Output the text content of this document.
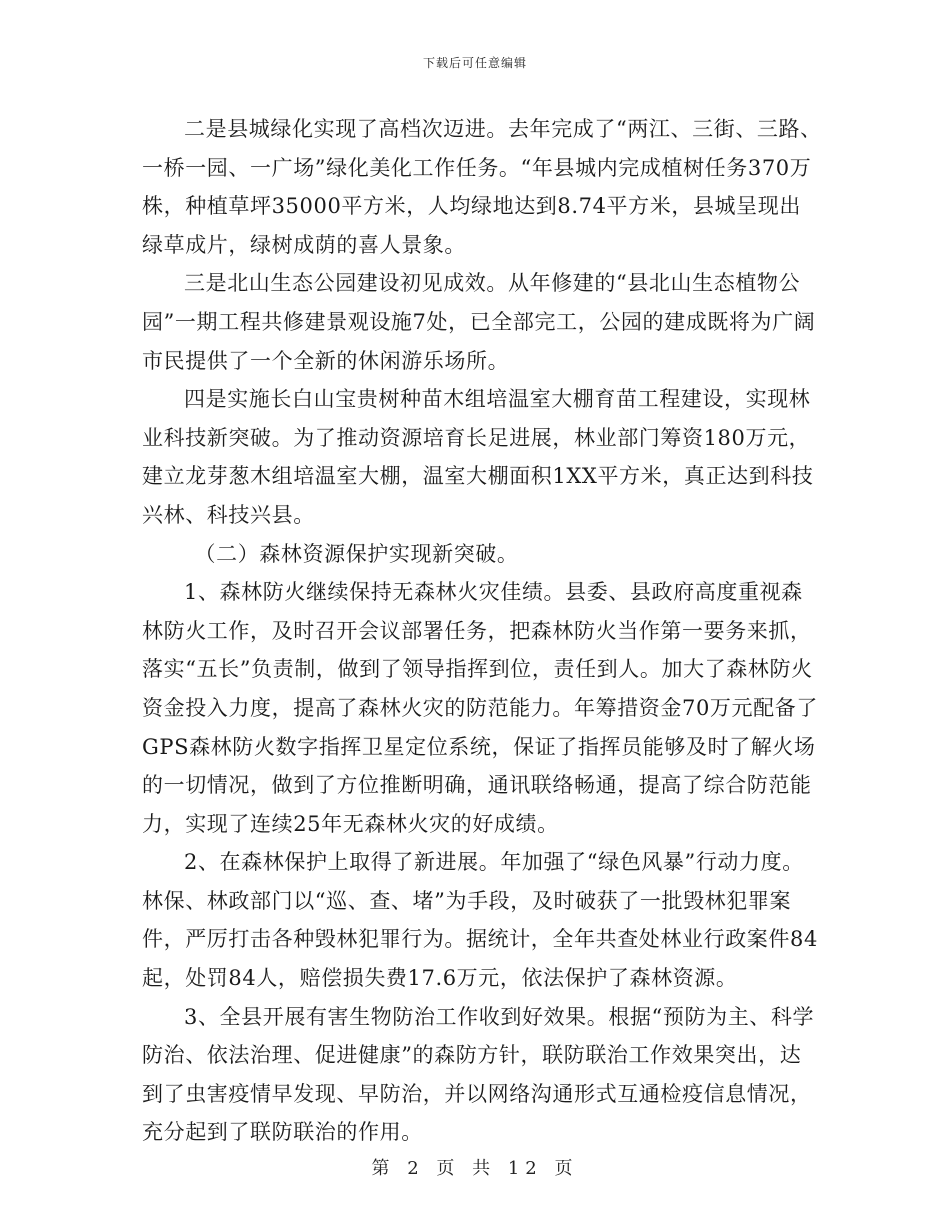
下载后可任意编辑

二是县城绿化实现了高档次迈进。去年完成了“两江、三街、三路、一桥一园、一广场”绿化美化工作任务。“年县城内完成植树任务370万株，种植草坪35000平方米，人均绿地达到8.74平方米，县城呈现出绿草成片，绿树成荫的喜人景象。

三是北山生态公园建设初见成效。从年修建的“县北山生态植物公园”一期工程共修建景观设施7处，已全部完工，公园的建成既将为广阔市民提供了一个全新的休闲游乐场所。

四是实施长白山宝贵树种苗木组培温室大棚育苗工程建设，实现林业科技新突破。为了推动资源培育长足进展，林业部门筹资180万元，建立龙芽葱木组培温室大棚，温室大棚面积1XX平方米，真正达到科技兴林、科技兴县。

（二）森林资源保护实现新突破。

1、森林防火继续保持无森林火灾佳绩。县委、县政府高度重视森林防火工作，及时召开会议部署任务，把森林防火当作第一要务来抓，落实“五长”负责制，做到了领导指挥到位，责任到人。加大了森林防火资金投入力度，提高了森林火灾的防范能力。年筹措资金70万元配备了GPS森林防火数字指挥卫星定位系统，保证了指挥员能够及时了解火场的一切情况，做到了方位推断明确，通讯联络畅通，提高了综合防范能力，实现了连续25年无森林火灾的好成绩。

2、在森林保护上取得了新进展。年加强了“绿色风暴”行动力度。林保、林政部门以“巡、查、堵”为手段，及时破获了一批毁林犯罪案件，严厉打击各种毁林犯罪行为。据统计，全年共查处林业行政案件84起，处罚84人，赔偿损失费17.6万元，依法保护了森林资源。

3、全县开展有害生物防治工作收到好效果。根据“预防为主、科学防治、依法治理、促进健康”的森防方针，联防联治工作效果突出，达到了虫害疫情早发现、早防治，并以网络沟通形式互通检疫信息情况，充分起到了联防联治的作用。

第 2 页 共 12 页
